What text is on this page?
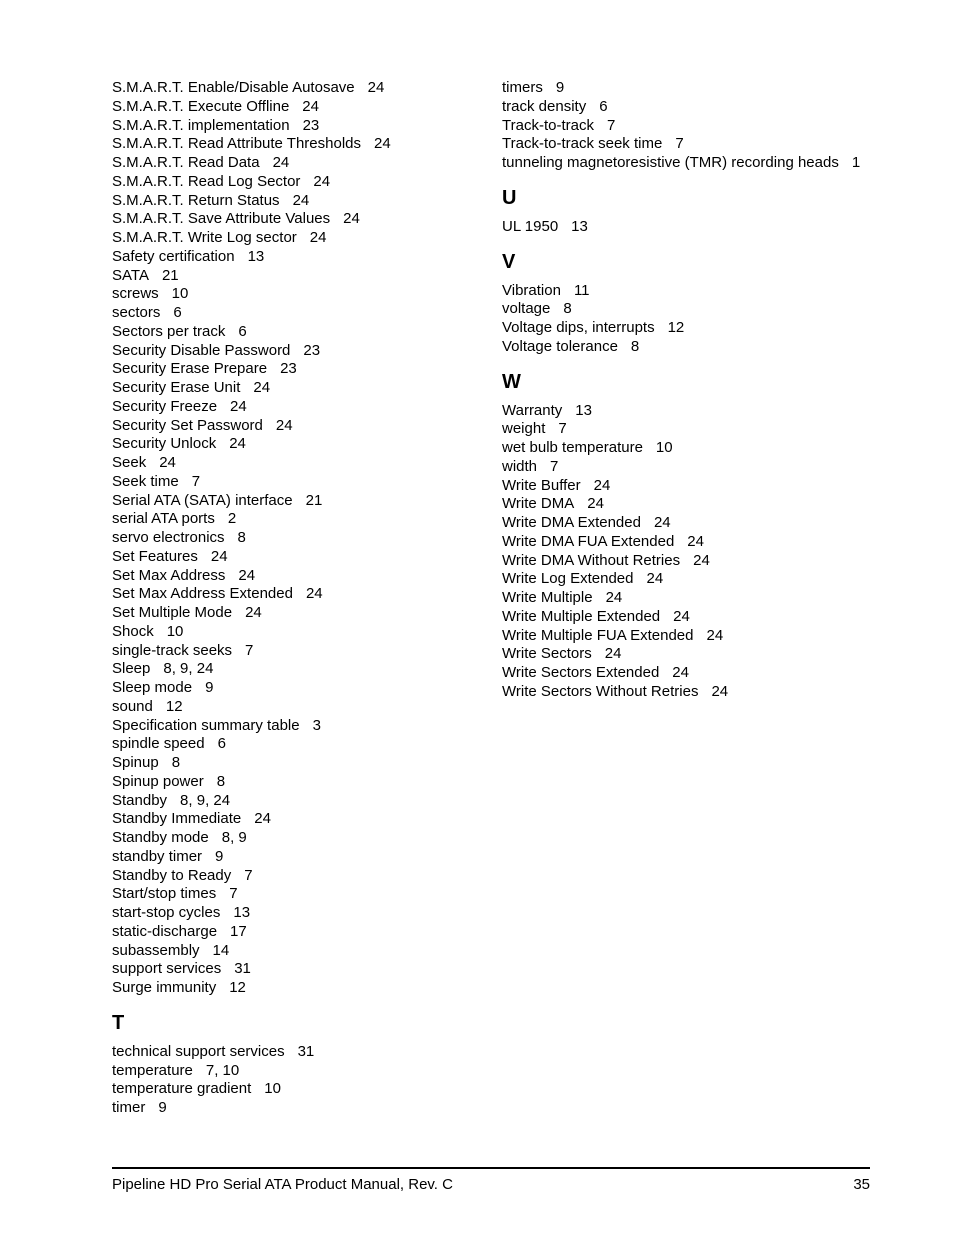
S.M.A.R.T. Enable/Disable Autosave 24
S.M.A.R.T. Execute Offline 24
S.M.A.R.T. implementation 23
S.M.A.R.T. Read Attribute Thresholds 24
S.M.A.R.T. Read Data 24
S.M.A.R.T. Read Log Sector 24
S.M.A.R.T. Return Status 24
S.M.A.R.T. Save Attribute Values 24
S.M.A.R.T. Write Log sector 24
Safety certification 13
SATA 21
screws 10
sectors 6
Sectors per track 6
Security Disable Password 23
Security Erase Prepare 23
Security Erase Unit 24
Security Freeze 24
Security Set Password 24
Security Unlock 24
Seek 24
Seek time 7
Serial ATA (SATA) interface 21
serial ATA ports 2
servo electronics 8
Set Features 24
Set Max Address 24
Set Max Address Extended 24
Set Multiple Mode 24
Shock 10
single-track seeks 7
Sleep 8, 9, 24
Sleep mode 9
sound 12
Specification summary table 3
spindle speed 6
Spinup 8
Spinup power 8
Standby 8, 9, 24
Standby Immediate 24
Standby mode 8, 9
standby timer 9
Standby to Ready 7
Start/stop times 7
start-stop cycles 13
static-discharge 17
subassembly 14
support services 31
Surge immunity 12
T
technical support services 31
temperature 7, 10
temperature gradient 10
timer 9
timers 9
track density 6
Track-to-track 7
Track-to-track seek time 7
tunneling magnetoresistive (TMR) recording heads 1
U
UL 1950 13
V
Vibration 11
voltage 8
Voltage dips, interrupts 12
Voltage tolerance 8
W
Warranty 13
weight 7
wet bulb temperature 10
width 7
Write Buffer 24
Write DMA 24
Write DMA Extended 24
Write DMA FUA Extended 24
Write DMA Without Retries 24
Write Log Extended 24
Write Multiple 24
Write Multiple Extended 24
Write Multiple FUA Extended 24
Write Sectors 24
Write Sectors Extended 24
Write Sectors Without Retries 24
Pipeline HD Pro Serial ATA Product Manual, Rev. C	35
